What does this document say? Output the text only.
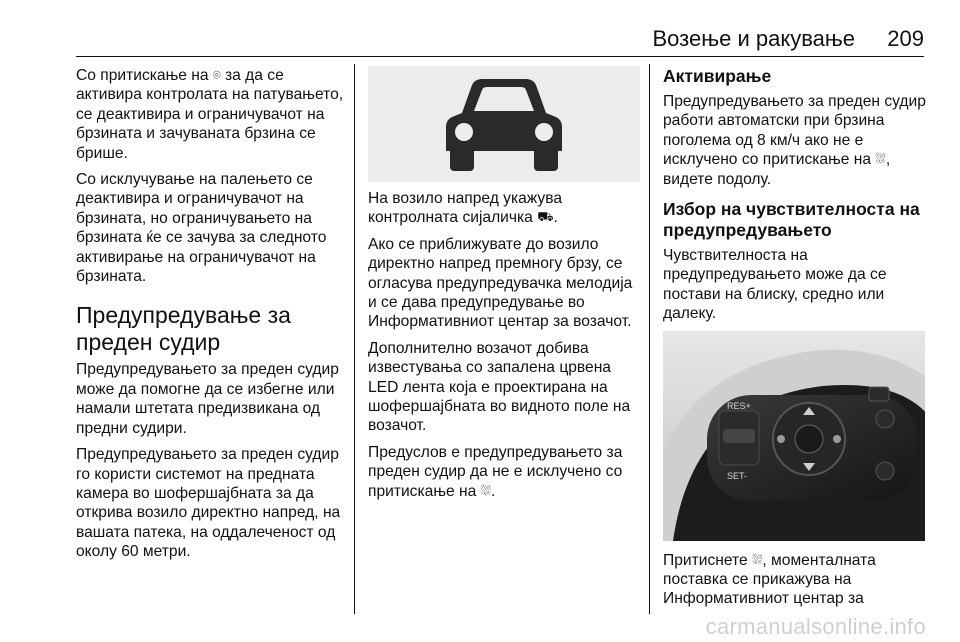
Возење и ракување 209

Со притискање на ⌾ за да се активира контролата на патувањето, се деактивира и ограничувачот на брзината и зачуваната брзина се брише.

Со исклучување на палењето се деактивира и ограничувачот на брзината, но ограничувањето на брзината ќе се зачува за следното активирање на ограничувачот на брзината.

Предупредување за преден судир

Предупредувањето за преден судир може да помогне да се избегне или намали штетата предизвикана од предни судири.

Предупредувањето за преден судир го користи системот на предната камера во шофершајбната за да открива возило директно напред, на вашата патека, на оддалеченост од околу 60 метри.

На возило напред укажува контролната сијаличка ⛟.

Ако се приближувате до возило директно напред премногу брзу, се огласува предупредувачка мелодија и се дава предупредување во Информативниот центар за возачот.

Дополнително возачот добива известувања со запалена црвена LED лента која е проектирана на шофершајбната во видното поле на возачот.

Предуслов е предупредувањето за преден судир да не е исклучено со притискање на ⛆.

Активирање

Предупредувањето за преден судир работи автоматски при брзина поголема од 8 км/ч ако не е исклучено со притискање на ⛆, видете подолу.

Избор на чувствителноста на предупредувањето

Чувствителноста на предупредувањето може да се постави на блиску, средно или далеку.

RES+
SET-

Притиснете ⛆, моменталната поставка се прикажува на Информативниот центар за

carmanualsonline.info
